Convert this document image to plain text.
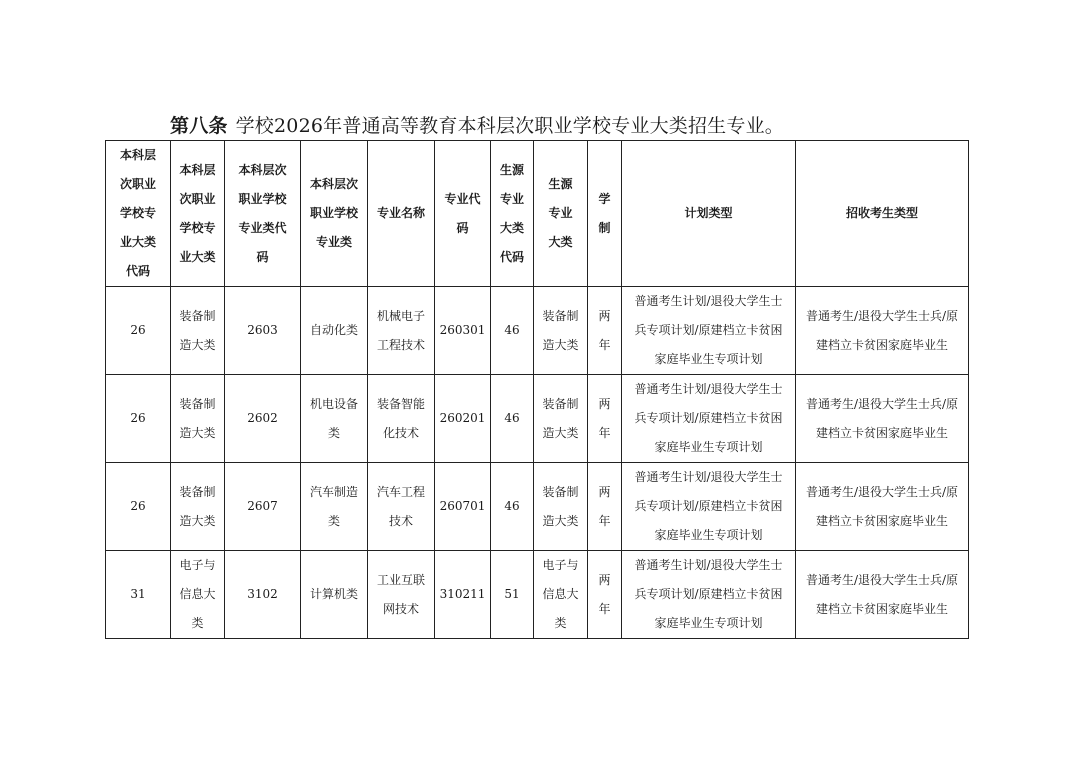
第八条 学校2026年普通高等教育本科层次职业学校专业大类招生专业。
本科层次职业学校专业大类代码	本科层次职业学校专业大类	本科层次职业学校专业类代码	本科层次职业学校专业类	专业名称	专业代码	生源专业大类代码	生源专业大类	学制	计划类型	招收考生类型
26	装备制造大类	2603	自动化类	机械电子工程技术	260301	46	装备制造大类	两年	普通考生计划/退役大学生士兵专项计划/原建档立卡贫困家庭毕业生专项计划	普通考生/退役大学生士兵/原建档立卡贫困家庭毕业生
26	装备制造大类	2602	机电设备类	装备智能化技术	260201	46	装备制造大类	两年	普通考生计划/退役大学生士兵专项计划/原建档立卡贫困家庭毕业生专项计划	普通考生/退役大学生士兵/原建档立卡贫困家庭毕业生
26	装备制造大类	2607	汽车制造类	汽车工程技术	260701	46	装备制造大类	两年	普通考生计划/退役大学生士兵专项计划/原建档立卡贫困家庭毕业生专项计划	普通考生/退役大学生士兵/原建档立卡贫困家庭毕业生
31	电子与信息大类	3102	计算机类	工业互联网技术	310211	51	电子与信息大类	两年	普通考生计划/退役大学生士兵专项计划/原建档立卡贫困家庭毕业生专项计划	普通考生/退役大学生士兵/原建档立卡贫困家庭毕业生
